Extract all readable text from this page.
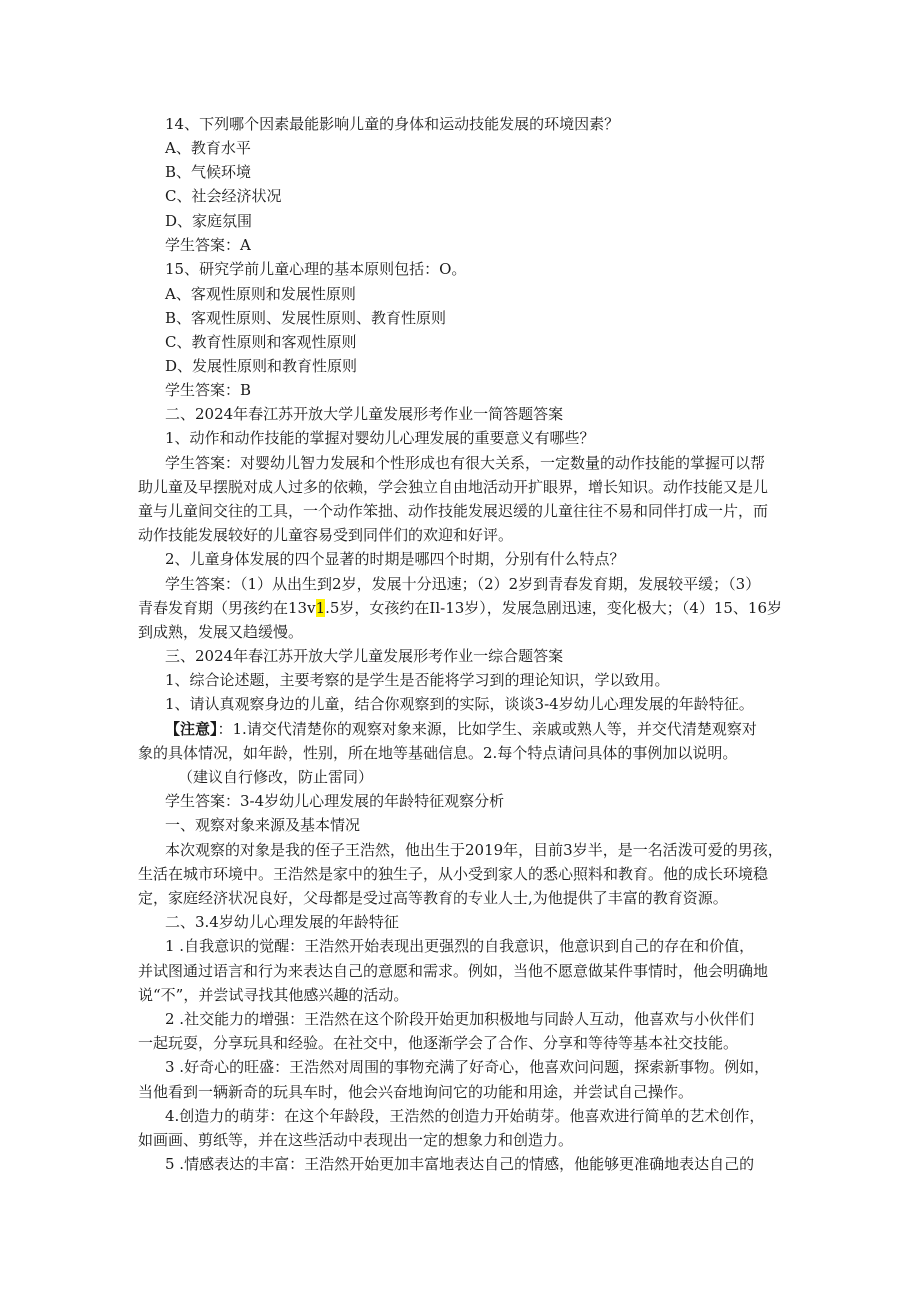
14、下列哪个因素最能影响儿童的身体和运动技能发展的环境因素？
A、教育水平
B、气候环境
C、社会经济状况
D、家庭氛围
学生答案：A
15、研究学前儿童心理的基本原则包括：O。
A、客观性原则和发展性原则
B、客观性原则、发展性原则、教育性原则
C、教育性原则和客观性原则
D、发展性原则和教育性原则
学生答案：B
二、2024年春江苏开放大学儿童发展形考作业一简答题答案
1、动作和动作技能的掌握对婴幼儿心理发展的重要意义有哪些？
学生答案：对婴幼儿智力发展和个性形成也有很大关系，一定数量的动作技能的掌握可以帮
助儿童及早摆脱对成人过多的依赖，学会独立自由地活动开扩眼界，增长知识。动作技能又是儿
童与儿童间交往的工具，一个动作笨拙、动作技能发展迟缓的儿童往往不易和同伴打成一片，而
动作技能发展较好的儿童容易受到同伴们的欢迎和好评。
2、儿童身体发展的四个显著的时期是哪四个时期，分别有什么特点？
学生答案：（1）从出生到2岁，发展十分迅速；（2）2岁到青春发育期，发展较平缓；（3）
青春发育期（男孩约在13v1.5岁，女孩约在Il-13岁），发展急剧迅速，变化极大；（4）15、16岁
到成熟，发展又趋缓慢。
三、2024年春江苏开放大学儿童发展形考作业一综合题答案
1、综合论述题，主要考察的是学生是否能将学习到的理论知识，学以致用。
1、请认真观察身边的儿童，结合你观察到的实际，谈谈3-4岁幼儿心理发展的年龄特征。
【注意】：1.请交代清楚你的观察对象来源，比如学生、亲戚或熟人等，并交代清楚观察对
象的具体情况，如年龄，性别，所在地等基础信息。2.每个特点请问具体的事例加以说明。
（建议自行修改，防止雷同）
学生答案：3-4岁幼儿心理发展的年龄特征观察分析
一、观察对象来源及基本情况
本次观察的对象是我的侄子王浩然，他出生于2019年，目前3岁半，是一名活泼可爱的男孩，
生活在城市环境中。王浩然是家中的独生子，从小受到家人的悉心照料和教育。他的成长环境稳
定，家庭经济状况良好，父母都是受过高等教育的专业人士,为他提供了丰富的教育资源。
二、3.4岁幼儿心理发展的年龄特征
1 .自我意识的觉醒：王浩然开始表现出更强烈的自我意识，他意识到自己的存在和价值，
并试图通过语言和行为来表达自己的意愿和需求。例如，当他不愿意做某件事情时，他会明确地
说“不”，并尝试寻找其他感兴趣的活动。
2 .社交能力的增强：王浩然在这个阶段开始更加积极地与同龄人互动，他喜欢与小伙伴们
一起玩耍，分享玩具和经验。在社交中，他逐渐学会了合作、分享和等待等基本社交技能。
3 .好奇心的旺盛：王浩然对周围的事物充满了好奇心，他喜欢问问题，探索新事物。例如，
当他看到一辆新奇的玩具车时，他会兴奋地询问它的功能和用途，并尝试自己操作。
4.创造力的萌芽：在这个年龄段，王浩然的创造力开始萌芽。他喜欢进行简单的艺术创作，
如画画、剪纸等，并在这些活动中表现出一定的想象力和创造力。
5 .情感表达的丰富：王浩然开始更加丰富地表达自己的情感，他能够更准确地表达自己的
